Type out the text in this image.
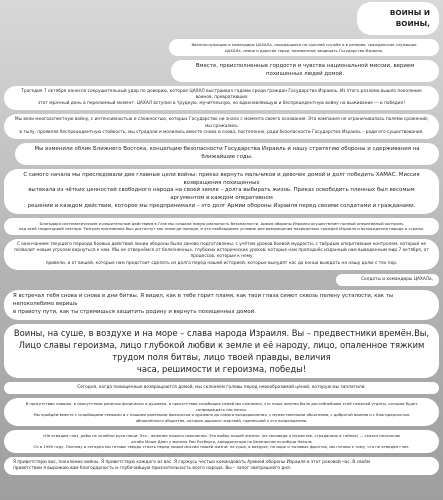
ВОИНЫ И ВОИНЫ,
Военнослужащие и командиры ЦАХАЛа, находящиеся на срочной службе и в резерве; гражданские служащие
ЦАХАЛа, семьи и дорогие герои, призванные защищать Государство Израиль.
Вместе, преисполненные гордости и чувства национальной миссии, верием похищенных людей домой.
Трагедия 7 октября нанесла сокрушительный удар по доверию, которое ЦАХАЛ выстраивал годами среди граждан Государства Израиль. Из этого разлома вышло поколение воинов, превративших
этот мрачный день в переломный момент. ЦАХАЛ вступил в трудную, мучительную, но вдохновляющую и беспрецедентную войну на выживание — и победил!
Мы вели многоаспектную войну, с интенсивностью и сложностью, которых Государство ни знало с момента своего основания. Эта кампания не ограничивалась полями сражений; мы сражались
в тылу, проявляя беспрецедентную стойкость, мы страдали и молились вместе снова и снова, постепенно, ради безопасности Государства Израиль – ради его существования.
Мы изменили облик Ближнего Востока, концепцию безопасности Государства Израиль и нашу стратегию обороны и сдерживания на ближайшие годы.
С самого начала мы преследовали две главные цели войны: приказ вернуть мальчиков и девочек домой и долг победить ХАМАС. Миссия возвращения похищенных
вытекала из чётких ценностей свободного народа на своей земле – долга выбирать жизнь. Приказ освободить пленных был весомым аргументом в каждом оперативном
решении и каждом действии, которое мы предпринимали – это долг Армии обороны Израиля перед своими солдатами и гражданами.
Благодаря систематическим и решительным действиям в Газе мы создали новую реальность безопасности. Армия обороны Израиля осуществляет полный оперативный контроль
над всей территорией сектора. Разгром противника был достигнут как никогда прежде, и это необходимое условие для возвращения похищенных граждан Израиля и возрождения народа и страны.
С окончанием текущего периода боевых действий линии обороны были заново подготовлены, с учётом уроков боевой мудрости, с твёрдым оперативным контролем, который не
позволит новым угрозам вернуться к нам. Мы не отвернёмся от болезненных, глубоких исторических уроков, которые нам преподнёс изданный нам выведенным мир 7 октября, от процессов, которые к нему
привели, и от вещей, которые нам предстоит сделать из долга перед нашей историей, которые вынудят нас до конца выждать на нашу долю с тех пор.
Солдаты и командиры ЦАХАЛа,
Я встречал тебя снова и снова в дни битвы. Я видел, как в тебе горит пламя, как твои глаза сияют сквозь пелену усталости, как ты непоколебимо веришь
в правоту пути, как ты стремишься защитить родину и вернуть похищенных домой.
Воины, на суше, в воздухе и на море – слава народа Израиля. Вы – предвестники времён.Вы,
Лицо славы героизма, лицо глубокой любви к земле и её народу, лицо, опаленное тяжким трудом поля битвы, лицо твоей правды, величия
часа, решимости и героизма, победы!
Сегодня, когда похищенные возвращаются домой, мы склоняем головы перед невообразимой ценой, которую мы заплатили.
В присутствии павших, в присутствии раненых физически и душевно, в присутствии скорбящих семей мы клянемся, что наша жертва была достойнейшим этой тяжелой утраты, которая будет сопровождать нас вечно.
Мы пройдём вместе с скорбящими семьями и с нашими ранеными физически и душевно до самого выздоровления, с мужественными обьятиями, с добротой воинов и с благодарностью
обновлённого общества, которое дорожит жертвой, принесшей к его возрождению.
«Не отводим глаз, дабы не ослабли руки наши. Это – веление нашего поколения. Это выбор нашей жизни» (из заповеди о мужестве, страданиях и тайнах) — сказал начальник
штаба Моше Даян у могилы Рои Ротберга, координатора по безопасности кибуца Нахаль
Оз в 1956 году. Поэтому и сегодня мы готовы твёрдо стоять перед лицом миссии нашей жизни: на суше, в воздухе, на море и тыловых фронтах, мы готовы к тому, что не отведём глаз.
Я приветствую вас, поколение войны. Я приветствую каждого из вас. Я горжусь честью командовать Армией обороны Израиля в этот роковой час. В своём
приветствии я выражаю вам благодарность и глубочайшую признательность всего народа. Вы – залог завтрашнего дня.
